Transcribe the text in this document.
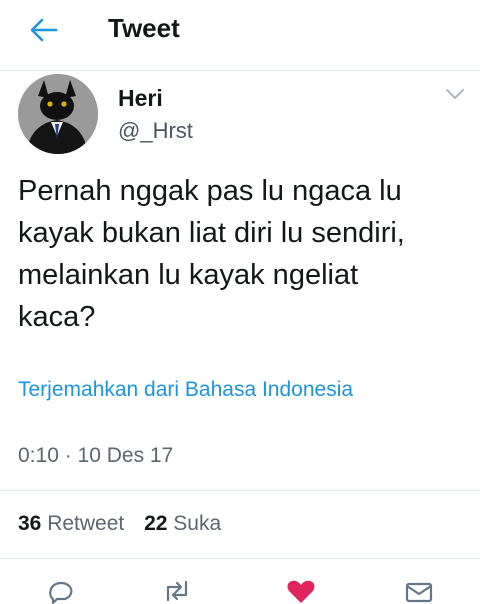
Tweet
Heri
@_Hrst
Pernah nggak pas lu ngaca lu
kayak bukan liat diri lu sendiri,
melainkan lu kayak ngeliat
kaca?
Terjemahkan dari Bahasa Indonesia
0:10 · 10 Des 17
36 Retweet 22 Suka
